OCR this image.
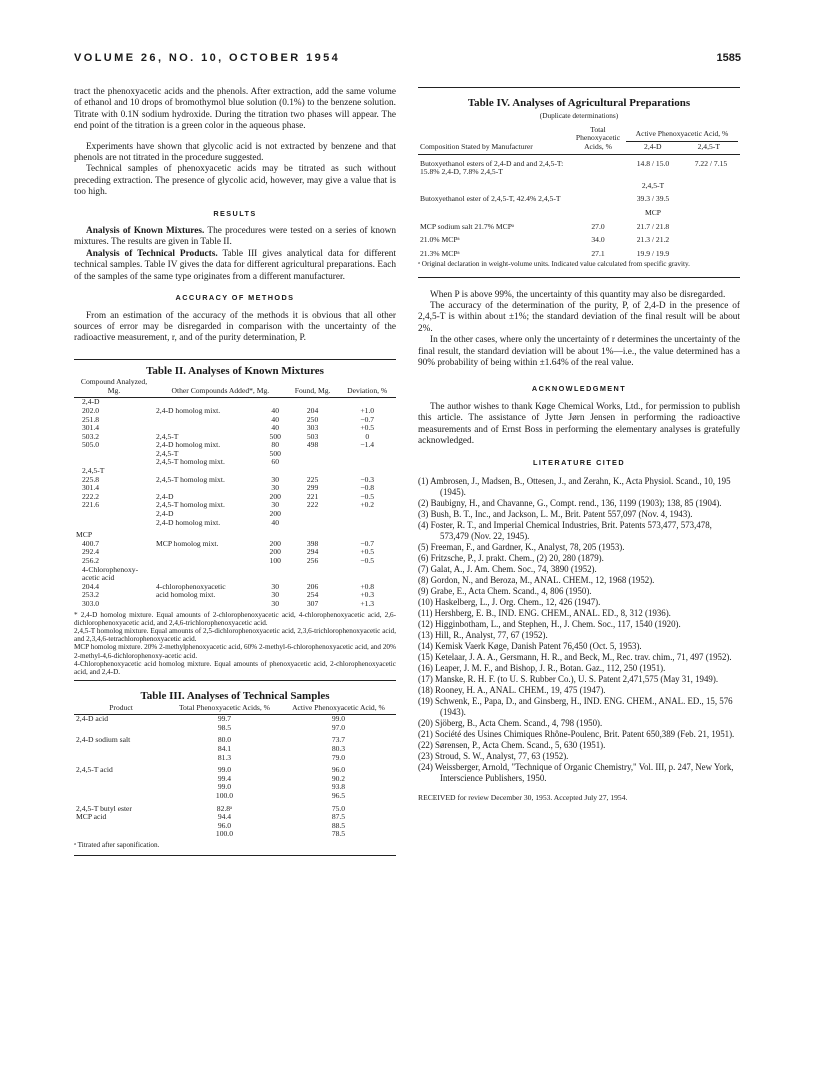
VOLUME 26, NO. 10, OCTOBER 1954	1585

tract the phenoxyacetic acids and the phenols. After extraction, add the same volume of ethanol and 10 drops of bromothymol blue solution (0.1%) to the benzene solution. Titrate with 0.1N sodium hydroxide. During the titration two phases will appear. The end point of the titration is a green color in the aqueous phase.

Experiments have shown that glycolic acid is not extracted by benzene and that phenols are not titrated in the procedure suggested.

Technical samples of phenoxyacetic acids may be titrated as such without preceding extraction. The presence of glycolic acid, however, may give a value that is too high.

RESULTS

Analysis of Known Mixtures. The procedures were tested on a series of known mixtures. The results are given in Table II.

Analysis of Technical Products. Table III gives analytical data for different technical samples. Table IV gives the data for different agricultural preparations. Each of the samples of the same type originates from a different manufacturer.

ACCURACY OF METHODS

From an estimation of the accuracy of the methods it is obvious that all other sources of error may be disregarded in comparison with the uncertainty of the radioactive measurement, r, and of the purity determination, P.

Table II. Analyses of Known Mixtures
Compound Analyzed, Mg.	Other Compounds Added*, Mg.		Found, Mg.	Deviation, %
2,4-D				
202.0	2,4-D homolog mixt.	40	204	+1.0
251.8		40	250	−0.7
301.4		40	303	+0.5
503.2	2,4,5-T	500	503	0
505.0	2,4-D homolog mixt.	80	498	−1.4
	2,4,5-T	500		
	2,4,5-T homolog mixt.	60		
2,4,5-T				
225.8	2,4,5-T homolog mixt.	30	225	−0.3
301.4		30	299	−0.8
222.2	2,4-D	200	221	−0.5
221.6	2,4,5-T homolog mixt.	30	222	+0.2
	2,4-D	200		
	2,4-D homolog mixt.	40		
MCP				
400.7	MCP homolog mixt.	200	398	−0.7
292.4		200	294	+0.5
256.2		100	256	−0.5
4-Chlorophenoxy-acetic acid				
204.4	4-chlorophenoxyacetic	30	206	+0.8
253.2	acid homolog mixt.	30	254	+0.3
303.0		30	307	+1.3

* 2,4-D homolog mixture. Equal amounts of 2-chlorophenoxyacetic acid, 4-chlorophenoxyacetic acid, 2,6-dichlorophenoxyacetic acid, and 2,4,6-trichlorophenoxyacetic acid.

2,4,5-T homolog mixture. Equal amounts of 2,5-dichlorophenoxyacetic acid, 2,3,6-trichlorophenoxyacetic acid, and 2,3,4,6-tetrachlorophenoxyacetic acid.

MCP homolog mixture. 20% 2-methylphenoxyacetic acid, 60% 2-methyl-6-chlorophenoxyacetic acid, and 20% 2-methyl-4,6-dichlorophenoxy-acetic acid.

4-Chlorophenoxyacetic acid homolog mixture. Equal amounts of phenoxyacetic acid, 2-chlorophenoxyacetic acid, and 2,4-D.

Table III. Analyses of Technical Samples
Product	Total Phenoxyacetic Acids, %	Active Phenoxyacetic Acid, %
2,4-D acid	99.7	99.0
	98.5	97.0

2,4-D sodium salt	80.0	73.7
	84.1	80.3
	81.3	79.0

2,4,5-T acid	99.0	96.0
	99.4	90.2
	99.0	93.8
	100.0	96.5

2,4,5-T butyl ester	82.8ᵃ	75.0
MCP acid	94.4	87.5
	96.0	88.5
	100.0	78.5
ᵃ Titrated after saponification.
Table IV. Analyses of Agricultural Preparations
(Duplicate determinations)
Composition Stated by Manufacturer	Total Phenoxyacetic Acids, %	Active Phenoxyacetic Acid, %
2,4-D 2,4,5-T	

Butoxyethanol esters of 2,4-D and and 2,4,5-T: 15.8% 2,4-D, 7.8% 2,4,5-T		14.8 / 15.0	7.22 / 7.15
		2,4,5-T	
Butoxyethanol ester of 2,4,5-T, 42.4% 2,4,5-T		39.3 / 39.5	
		MCP	
MCP sodium salt 21.7% MCPᵃ	27.0	21.7 / 21.8	
21.0% MCPᵃ	34.0	21.3 / 21.2	
21.3% MCPᵃ	27.1	19.9 / 19.9	
ᵃ Original declaration in weight-volume units. Indicated value calculated from specific gravity.

When P is above 99%, the uncertainty of this quantity may also be disregarded.

The accuracy of the determination of the purity, P, of 2,4-D in the presence of 2,4,5-T is within about ±1%; the standard deviation of the final result will be about 2%.

In the other cases, where only the uncertainty of r determines the uncertainty of the final result, the standard deviation will be about 1%—i.e., the value determined has a 90% probability of being within ±1.64% of the real value.

ACKNOWLEDGMENT

The author wishes to thank Køge Chemical Works, Ltd., for permission to publish this article. The assistance of Jytte Jørn Jensen in performing the radioactive measurements and of Ernst Boss in performing the elementary analyses is gratefully acknowledged.

LITERATURE CITED
(1) Ambrosen, J., Madsen, B., Ottesen, J., and Zerahn, K., Acta Physiol. Scand., 10, 195 (1945).
(2) Baubigny, H., and Chavanne, G., Compt. rend., 136, 1199 (1903); 138, 85 (1904).
(3) Bush, B. T., Inc., and Jackson, L. M., Brit. Patent 557,097 (Nov. 4, 1943).
(4) Foster, R. T., and Imperial Chemical Industries, Brit. Patents 573,477, 573,478, 573,479 (Nov. 22, 1945).
(5) Freeman, F., and Gardner, K., Analyst, 78, 205 (1953).
(6) Fritzsche, P., J. prakt. Chem., (2) 20, 280 (1879).
(7) Galat, A., J. Am. Chem. Soc., 74, 3890 (1952).
(8) Gordon, N., and Beroza, M., ANAL. CHEM., 12, 1968 (1952).
(9) Grabe, E., Acta Chem. Scand., 4, 806 (1950).
(10) Haskelberg, L., J. Org. Chem., 12, 426 (1947).
(11) Hershberg, E. B., IND. ENG. CHEM., ANAL. ED., 8, 312 (1936).
(12) Higginbotham, L., and Stephen, H., J. Chem. Soc., 117, 1540 (1920).
(13) Hill, R., Analyst, 77, 67 (1952).
(14) Kemisk Vaerk Køge, Danish Patent 76,450 (Oct. 5, 1953).
(15) Ketelaar, J. A. A., Gersmann, H. R., and Beck, M., Rec. trav. chim., 71, 497 (1952).
(16) Leaper, J. M. F., and Bishop, J. R., Botan. Gaz., 112, 250 (1951).
(17) Manske, R. H. F. (to U. S. Rubber Co.), U. S. Patent 2,471,575 (May 31, 1949).
(18) Rooney, H. A., ANAL. CHEM., 19, 475 (1947).
(19) Schwenk, E., Papa, D., and Ginsberg, H., IND. ENG. CHEM., ANAL. ED., 15, 576 (1943).
(20) Sjöberg, B., Acta Chem. Scand., 4, 798 (1950).
(21) Société des Usines Chimiques Rhône-Poulenc, Brit. Patent 650,389 (Feb. 21, 1951).
(22) Sørensen, P., Acta Chem. Scand., 5, 630 (1951).
(23) Stroud, S. W., Analyst, 77, 63 (1952).
(24) Weissberger, Arnold, "Technique of Organic Chemistry," Vol. III, p. 247, New York, Interscience Publishers, 1950.
RECEIVED for review December 30, 1953. Accepted July 27, 1954.
